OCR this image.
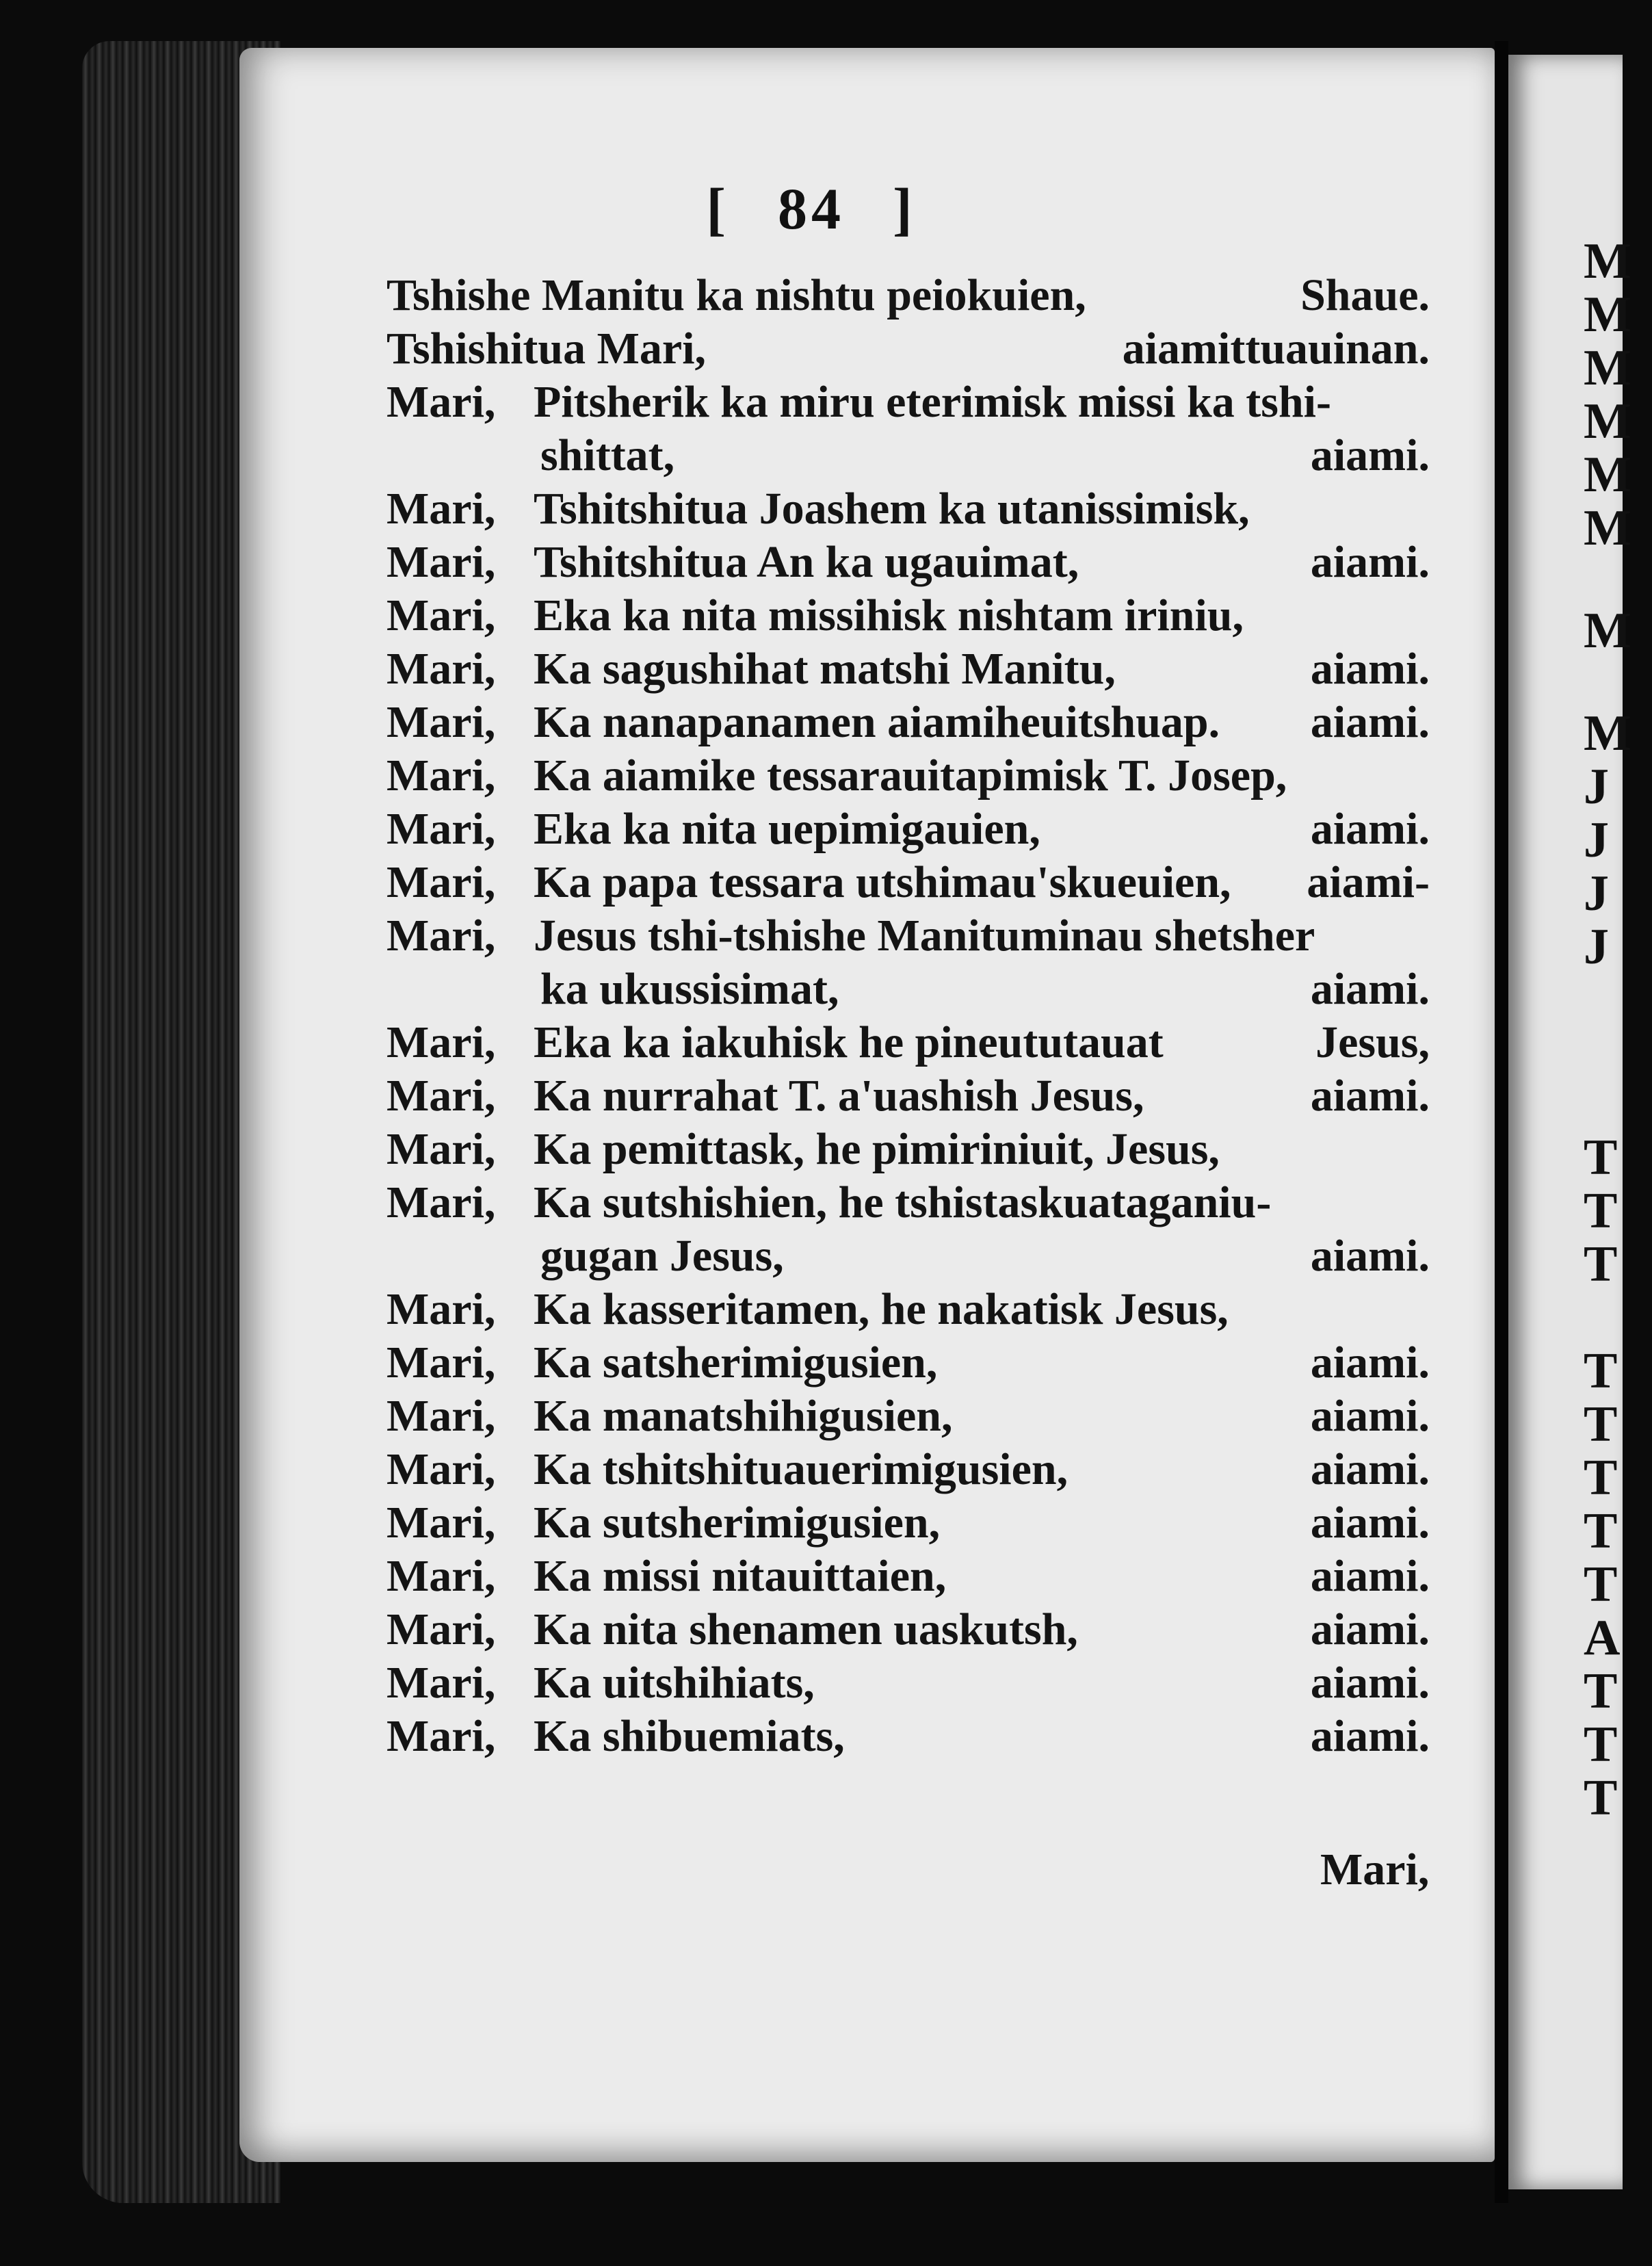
M
M
M
M
M
M
M
M
J
J
J
J
T
T
T
T
T
T
T
T
A
T
T
T
[ 84 ]
Tshishe Manitu ka nishtu peiokuien,	Shaue.
Tshishitua Mari,	aiamittuauinan.
Mari, Pitsherik ka miru eterimisk missi ka tshi-
shittat,	aiami.
Mari, Tshitshitua Joashem ka utanissimisk,
Mari, Tshitshitua An ka ugauimat,	aiami.
Mari, Eka ka nita missihisk nishtam iriniu,
Mari, Ka sagushihat matshi Manitu,	aiami.
Mari, Ka nanapanamen aiamiheuitshuap. aiami.
Mari, Ka aiamike tessarauitapimisk T. Josep,
Mari, Eka ka nita uepimigauien,	aiami.
Mari, Ka papa tessara utshimau'skueuien, aiami-
Mari, Jesus tshi-tshishe Manituminau shetsher
ka ukussisimat,	aiami.
Mari, Eka ka iakuhisk he pineututauat	Jesus,
Mari, Ka nurrahat T. a'uashish Jesus,	aiami.
Mari, Ka pemittask, he pimiriniuit, Jesus,
Mari, Ka sutshishien, he tshistaskuataganiu-
gugan Jesus,	aiami.
Mari, Ka kasseritamen, he nakatisk Jesus,
Mari, Ka satsherimigusien,	aiami.
Mari, Ka manatshihigusien,	aiami.
Mari, Ka tshitshituauerimigusien,	aiami.
Mari, Ka sutsherimigusien,	aiami.
Mari, Ka missi nitauittaien,	aiami.
Mari, Ka nita shenamen uaskutsh,	aiami.
Mari, Ka uitshihiats,	aiami.
Mari, Ka shibuemiats,	aiami.
Mari,
